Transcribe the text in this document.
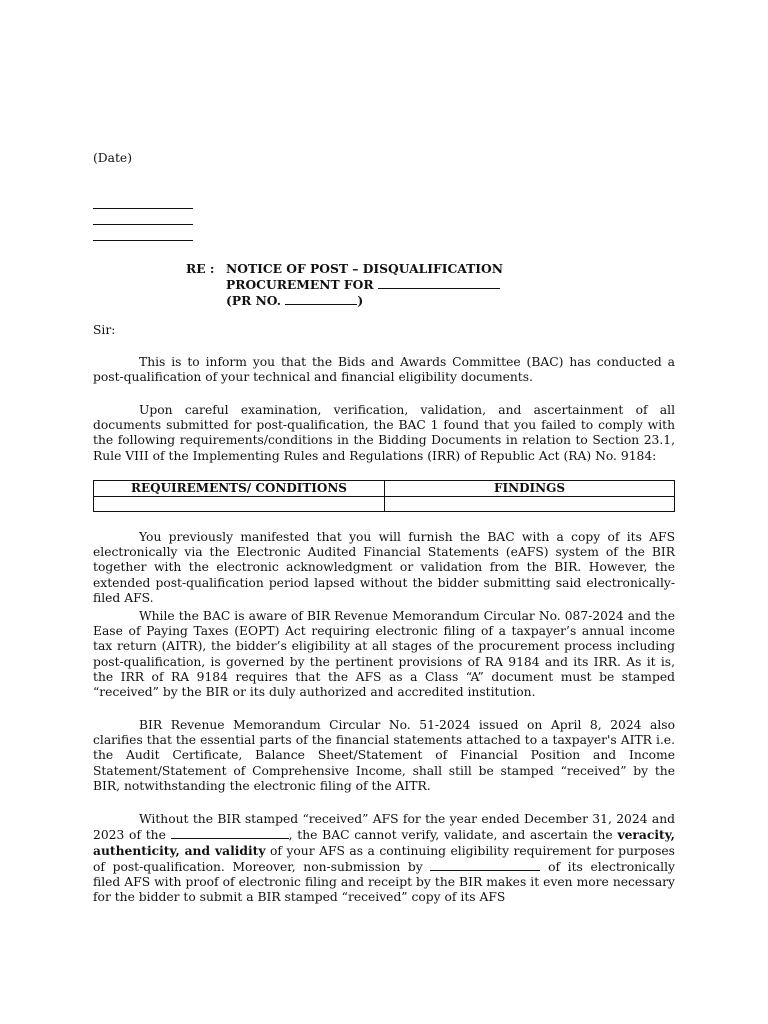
(Date)
RE : NOTICE OF POST – DISQUALIFICATION
PROCUREMENT FOR
(PR NO.	)
Sir:

This is to inform you that the Bids and Awards Committee (BAC) has conducted a post-qualification of your technical and financial eligibility documents.

Upon careful examination, verification, validation, and ascertainment of all documents submitted for post-qualification, the BAC 1 found that you failed to comply with the following requirements/conditions in the Bidding Documents in relation to Section 23.1, Rule VIII of the Implementing Rules and Regulations (IRR) of Republic Act (RA) No. 9184:

REQUIREMENTS/ CONDITIONS	FINDINGS

You previously manifested that you will furnish the BAC with a copy of its AFS electronically via the Electronic Audited Financial Statements (eAFS) system of the BIR together with the electronic acknowledgment or validation from the BIR. However, the extended post-qualification period lapsed without the bidder submitting said electronically-filed AFS.

While the BAC is aware of BIR Revenue Memorandum Circular No. 087-2024 and the Ease of Paying Taxes (EOPT) Act requiring electronic filing of a taxpayer’s annual income tax return (AITR), the bidder’s eligibility at all stages of the procurement process including post-qualification, is governed by the pertinent provisions of RA 9184 and its IRR. As it is, the IRR of RA 9184 requires that the AFS as a Class “A” document must be stamped “received” by the BIR or its duly authorized and accredited institution.

BIR Revenue Memorandum Circular No. 51-2024 issued on April 8, 2024 also clarifies that the essential parts of the financial statements attached to a taxpayer's AITR i.e. the Audit Certificate, Balance Sheet/Statement of Financial Position and Income Statement/Statement of Comprehensive Income, shall still be stamped “received” by the BIR, notwithstanding the electronic filing of the AITR.

Without the BIR stamped “received” AFS for the year ended December 31, 2024 and 2023 of the	, the BAC cannot verify, validate, and ascertain the veracity, authenticity, and validity of your AFS as a continuing eligibility requirement for purposes of post-qualification. Moreover, non-submission by	of its electronically filed AFS with proof of electronic filing and receipt by the BIR makes it even more necessary for the bidder to submit a BIR stamped “received” copy of its AFS
